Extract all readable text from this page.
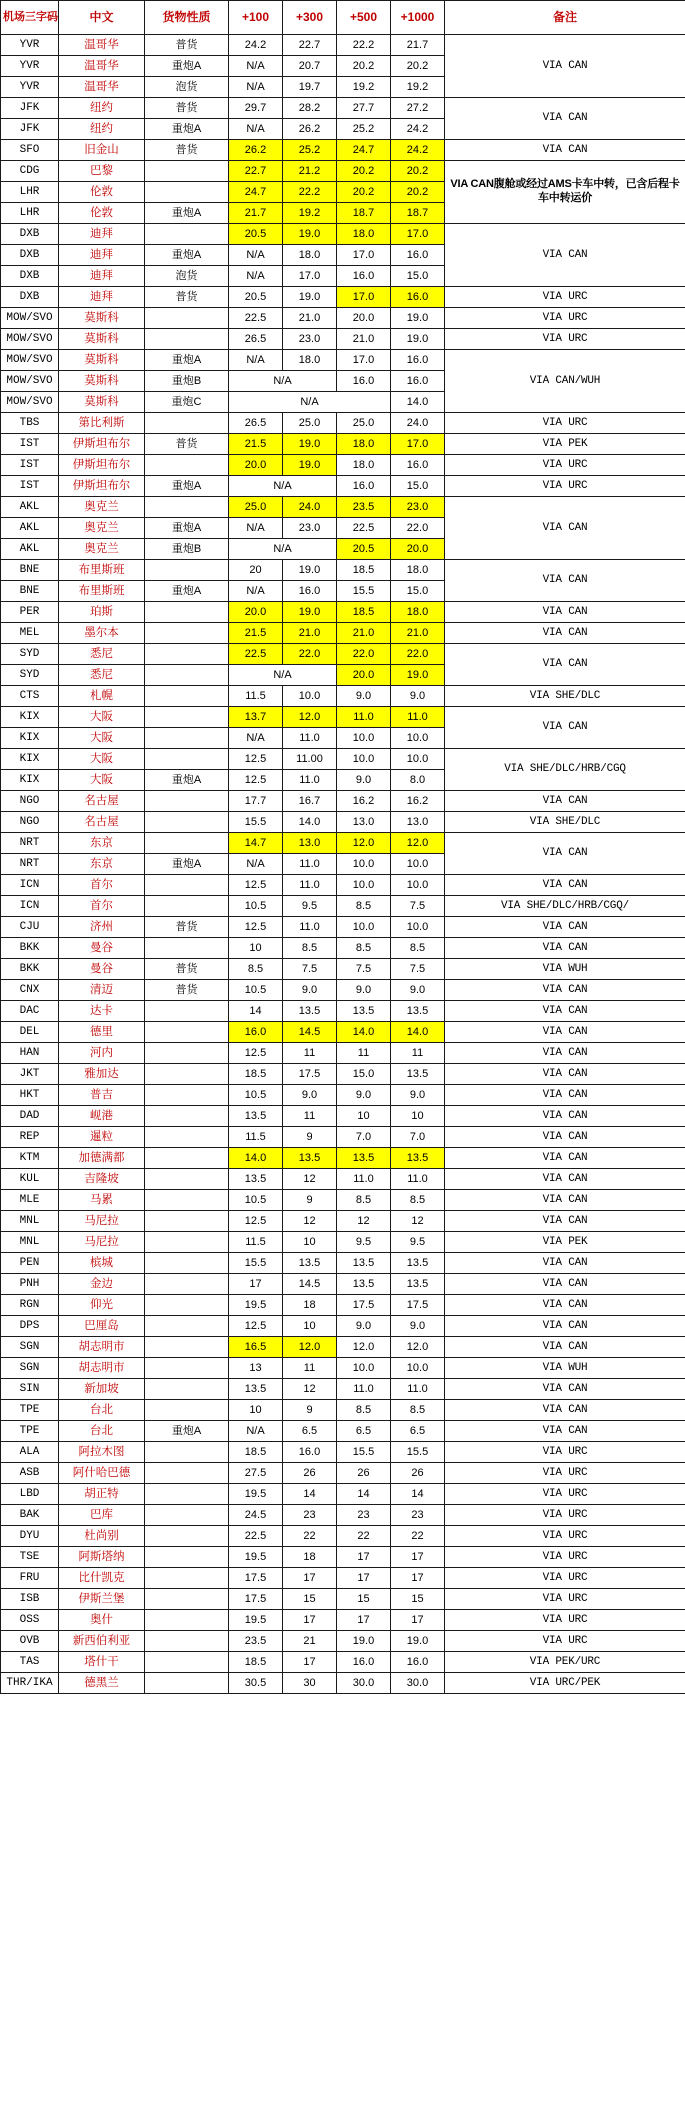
机场三字码	中文	货物性质	+100	+300	+500	+1000	备注
YVR	温哥华	普货	24.2	22.7	22.2	21.7	VIA CAN
YVR	温哥华	重炮A	N/A	20.7	20.2	20.2	
YVR	温哥华	泡货	N/A	19.7	19.2	19.2	
JFK	纽约	普货	29.7	28.2	27.7	27.2	VIA CAN
JFK	纽约	重炮A	N/A	26.2	25.2	24.2	
SFO	旧金山	普货	26.2	25.2	24.7	24.2	VIA CAN
CDG	巴黎		22.7	21.2	20.2	20.2	VIA CAN腹舱或经过AMS卡车中转，已含后程卡车中转运价
LHR	伦敦		24.7	22.2	20.2	20.2	
LHR	伦敦	重炮A	21.7	19.2	18.7	18.7	
DXB	迪拜		20.5	19.0	18.0	17.0	VIA CAN
DXB	迪拜	重炮A	N/A	18.0	17.0	16.0	
DXB	迪拜	泡货	N/A	17.0	16.0	15.0	
DXB	迪拜	普货	20.5	19.0	17.0	16.0	VIA URC
MOW/SVO	莫斯科		22.5	21.0	20.0	19.0	VIA URC
MOW/SVO	莫斯科		26.5	23.0	21.0	19.0	VIA URC
MOW/SVO	莫斯科	重炮A	N/A	18.0	17.0	16.0	VIA CAN/WUH
MOW/SVO	莫斯科	重炮B	N/A		16.0	16.0	
MOW/SVO	莫斯科	重炮C	N/A			14.0	
TBS	第比利斯		26.5	25.0	25.0	24.0	VIA URC
IST	伊斯坦布尔	普货	21.5	19.0	18.0	17.0	VIA PEK
IST	伊斯坦布尔		20.0	19.0	18.0	16.0	VIA URC
IST	伊斯坦布尔	重炮A	N/A		16.0	15.0	VIA URC
AKL	奥克兰		25.0	24.0	23.5	23.0	VIA CAN
AKL	奥克兰	重炮A	N/A	23.0	22.5	22.0	
AKL	奥克兰	重炮B	N/A		20.5	20.0	
BNE	布里斯班		20	19.0	18.5	18.0	VIA CAN
BNE	布里斯班	重炮A	N/A	16.0	15.5	15.0	
PER	珀斯		20.0	19.0	18.5	18.0	VIA CAN
MEL	墨尔本		21.5	21.0	21.0	21.0	VIA CAN
SYD	悉尼		22.5	22.0	22.0	22.0	VIA CAN
SYD	悉尼		N/A		20.0	19.0	
CTS	札幌		11.5	10.0	9.0	9.0	VIA SHE/DLC
KIX	大阪		13.7	12.0	11.0	11.0	VIA CAN
KIX	大阪		N/A	11.0	10.0	10.0	
KIX	大阪		12.5	11.00	10.0	10.0	VIA SHE/DLC/HRB/CGQ
KIX	大阪	重炮A	12.5	11.0	9.0	8.0	
NGO	名古屋		17.7	16.7	16.2	16.2	VIA CAN
NGO	名古屋		15.5	14.0	13.0	13.0	VIA SHE/DLC
NRT	东京		14.7	13.0	12.0	12.0	VIA CAN
NRT	东京	重炮A	N/A	11.0	10.0	10.0	
ICN	首尔		12.5	11.0	10.0	10.0	VIA CAN
ICN	首尔		10.5	9.5	8.5	7.5	VIA SHE/DLC/HRB/CGQ/
CJU	济州	普货	12.5	11.0	10.0	10.0	VIA CAN
BKK	曼谷		10	8.5	8.5	8.5	VIA CAN
BKK	曼谷	普货	8.5	7.5	7.5	7.5	VIA WUH
CNX	清迈	普货	10.5	9.0	9.0	9.0	VIA CAN
DAC	达卡		14	13.5	13.5	13.5	VIA CAN
DEL	德里		16.0	14.5	14.0	14.0	VIA CAN
HAN	河内		12.5	11	11	11	VIA CAN
JKT	雅加达		18.5	17.5	15.0	13.5	VIA CAN
HKT	普吉		10.5	9.0	9.0	9.0	VIA CAN
DAD	岘港		13.5	11	10	10	VIA CAN
REP	暹粒		11.5	9	7.0	7.0	VIA CAN
KTM	加德满都		14.0	13.5	13.5	13.5	VIA CAN
KUL	吉隆坡		13.5	12	11.0	11.0	VIA CAN
MLE	马累		10.5	9	8.5	8.5	VIA CAN
MNL	马尼拉		12.5	12	12	12	VIA CAN
MNL	马尼拉		11.5	10	9.5	9.5	VIA PEK
PEN	槟城		15.5	13.5	13.5	13.5	VIA CAN
PNH	金边		17	14.5	13.5	13.5	VIA CAN
RGN	仰光		19.5	18	17.5	17.5	VIA CAN
DPS	巴厘岛		12.5	10	9.0	9.0	VIA CAN
SGN	胡志明市		16.5	12.0	12.0	12.0	VIA CAN
SGN	胡志明市		13	11	10.0	10.0	VIA WUH
SIN	新加坡		13.5	12	11.0	11.0	VIA CAN
TPE	台北		10	9	8.5	8.5	VIA CAN
TPE	台北	重炮A	N/A	6.5	6.5	6.5	VIA CAN
ALA	阿拉木图		18.5	16.0	15.5	15.5	VIA URC
ASB	阿什哈巴德		27.5	26	26	26	VIA URC
LBD	胡正特		19.5	14	14	14	VIA URC
BAK	巴库		24.5	23	23	23	VIA URC
DYU	杜尚别		22.5	22	22	22	VIA URC
TSE	阿斯塔纳		19.5	18	17	17	VIA URC
FRU	比什凯克		17.5	17	17	17	VIA URC
ISB	伊斯兰堡		17.5	15	15	15	VIA URC
OSS	奥什		19.5	17	17	17	VIA URC
OVB	新西伯利亚		23.5	21	19.0	19.0	VIA URC
TAS	塔什干		18.5	17	16.0	16.0	VIA PEK/URC
THR/IKA	德黑兰		30.5	30	30.0	30.0	VIA URC/PEK
